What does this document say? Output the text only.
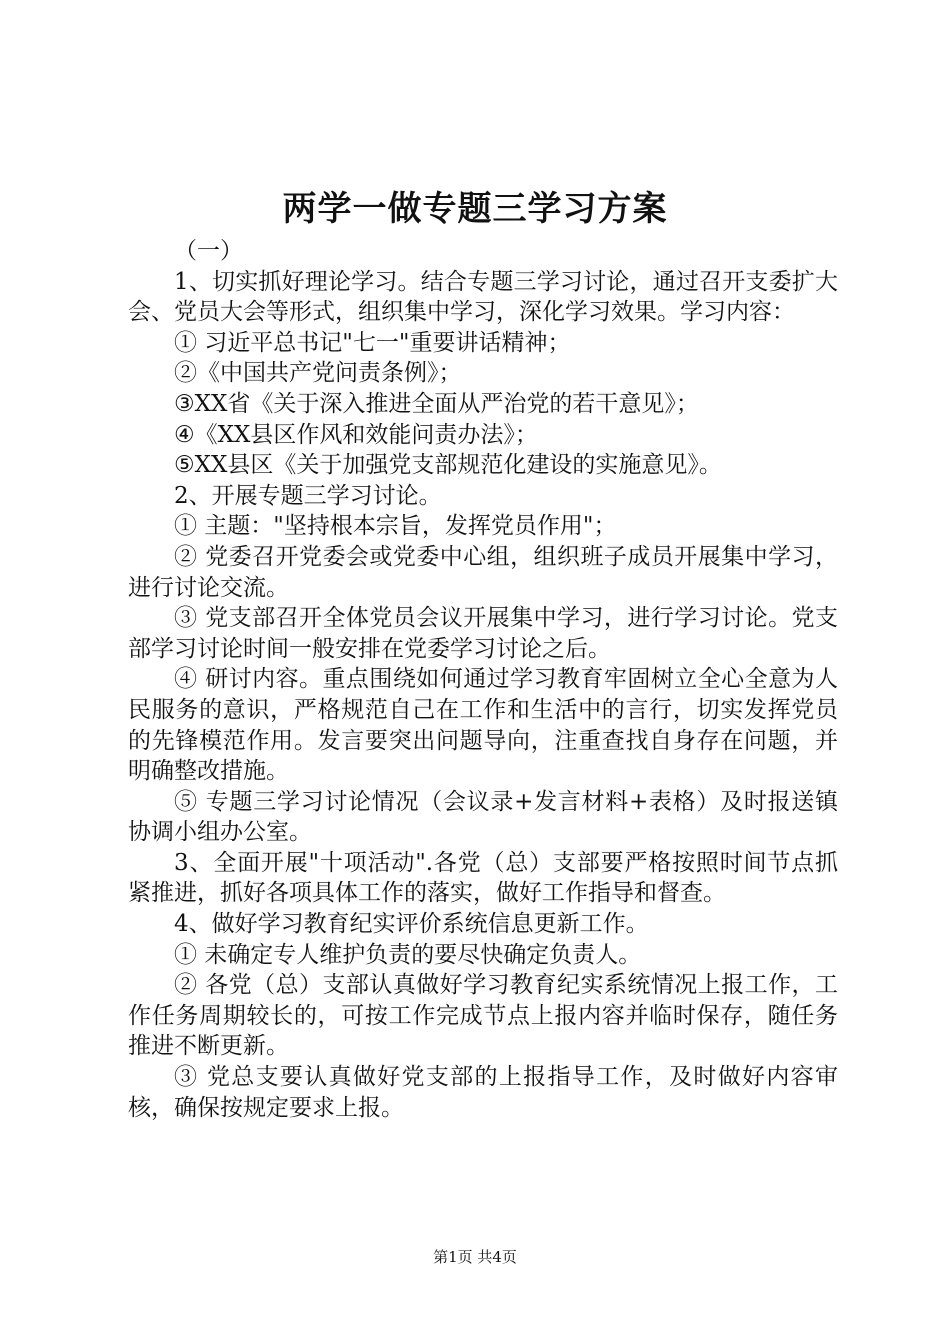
两学一做专题三学习方案

（一）

1、切实抓好理论学习。结合专题三学习讨论，通过召开支委扩大会、党员大会等形式，组织集中学习，深化学习效果。学习内容：

① 习近平总书记"七一"重要讲话精神；

②《中国共产党问责条例》；

③XX省《关于深入推进全面从严治党的若干意见》；

④《XX县区作风和效能问责办法》；

⑤XX县区《关于加强党支部规范化建设的实施意见》。

2、开展专题三学习讨论。

① 主题："坚持根本宗旨，发挥党员作用"；

② 党委召开党委会或党委中心组，组织班子成员开展集中学习，进行讨论交流。

③ 党支部召开全体党员会议开展集中学习，进行学习讨论。党支部学习讨论时间一般安排在党委学习讨论之后。

④ 研讨内容。重点围绕如何通过学习教育牢固树立全心全意为人民服务的意识，严格规范自己在工作和生活中的言行，切实发挥党员的先锋模范作用。发言要突出问题导向，注重查找自身存在问题，并明确整改措施。

⑤ 专题三学习讨论情况（会议录+发言材料+表格）及时报送镇协调小组办公室。

3、全面开展"十项活动".各党（总）支部要严格按照时间节点抓紧推进，抓好各项具体工作的落实，做好工作指导和督查。

4、做好学习教育纪实评价系统信息更新工作。

① 未确定专人维护负责的要尽快确定负责人。

② 各党（总）支部认真做好学习教育纪实系统情况上报工作，工作任务周期较长的，可按工作完成节点上报内容并临时保存，随任务推进不断更新。

③ 党总支要认真做好党支部的上报指导工作，及时做好内容审核，确保按规定要求上报。

第1页 共4页
